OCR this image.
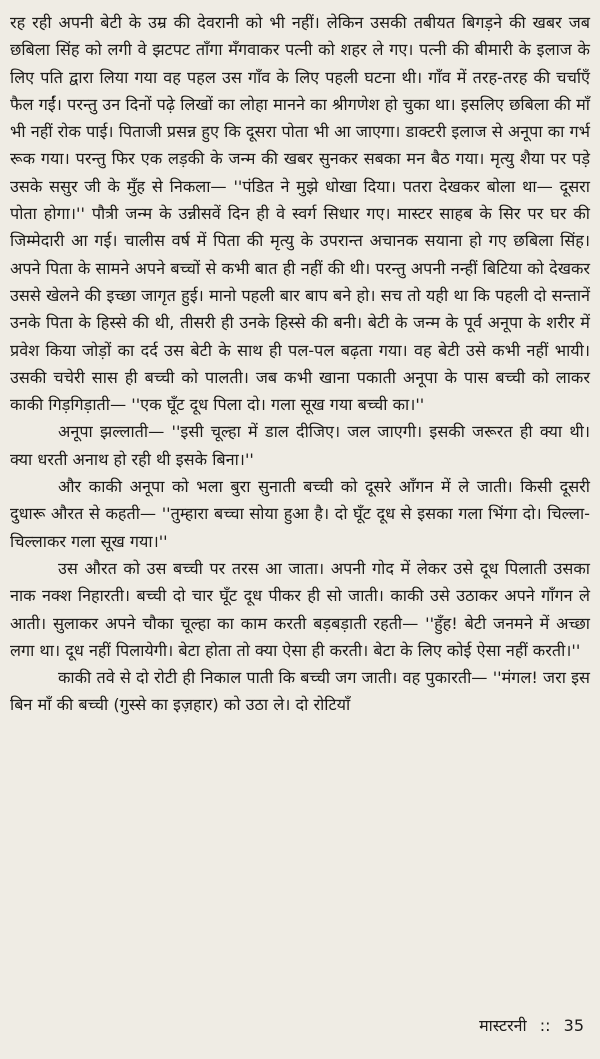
रह रही अपनी बेटी के उम्र की देवरानी को भी नहीं। लेकिन उसकी तबीयत बिगड़ने की खबर जब छबिला सिंह को लगी वे झटपट ताँगा मँगवाकर पत्नी को शहर ले गए। पत्नी की बीमारी के इलाज के लिए पति द्वारा लिया गया वह पहल उस गाँव के लिए पहली घटना थी। गाँव में तरह-तरह की चर्चाएँ फैल गईं। परन्तु उन दिनों पढ़े लिखों का लोहा मानने का श्रीगणेश हो चुका था। इसलिए छबिला की माँ भी नहीं रोक पाई। पिताजी प्रसन्न हुए कि दूसरा पोता भी आ जाएगा। डाक्टरी इलाज से अनूपा का गर्भ रूक गया। परन्तु फिर एक लड़की के जन्म की खबर सुनकर सबका मन बैठ गया। मृत्यु शैया पर पड़े उसके ससुर जी के मुँह से निकला— ''पंडित ने मुझे धोखा दिया। पतरा देखकर बोला था— दूसरा पोता होगा।'' पौत्री जन्म के उन्नीसवें दिन ही वे स्वर्ग सिधार गए। मास्टर साहब के सिर पर घर की जिम्मेदारी आ गई। चालीस वर्ष में पिता की मृत्यु के उपरान्त अचानक सयाना हो गए छबिला सिंह। अपने पिता के सामने अपने बच्चों से कभी बात ही नहीं की थी। परन्तु अपनी नन्हीं बिटिया को देखकर उससे खेलने की इच्छा जागृत हुई। मानो पहली बार बाप बने हो। सच तो यही था कि पहली दो सन्तानें उनके पिता के हिस्से की थी, तीसरी ही उनके हिस्से की बनी। बेटी के जन्म के पूर्व अनूपा के शरीर में प्रवेश किया जोड़ों का दर्द उस बेटी के साथ ही पल-पल बढ़ता गया। वह बेटी उसे कभी नहीं भायी। उसकी चचेरी सास ही बच्ची को पालती। जब कभी खाना पकाती अनूपा के पास बच्ची को लाकर काकी गिड़गिड़ाती— ''एक घूँट दूध पिला दो। गला सूख गया बच्ची का।''

अनूपा झल्लाती— ''इसी चूल्हा में डाल दीजिए। जल जाएगी। इसकी जरूरत ही क्या थी। क्या धरती अनाथ हो रही थी इसके बिना।''

और काकी अनूपा को भला बुरा सुनाती बच्ची को दूसरे आँगन में ले जाती। किसी दूसरी दुधारू औरत से कहती— ''तुम्हारा बच्चा सोया हुआ है। दो घूँट दूध से इसका गला भिंगा दो। चिल्ला-चिल्लाकर गला सूख गया।''

उस औरत को उस बच्ची पर तरस आ जाता। अपनी गोद में लेकर उसे दूध पिलाती उसका नाक नक्श निहारती। बच्ची दो चार घूँट दूध पीकर ही सो जाती। काकी उसे उठाकर अपने गाँगन ले आती। सुलाकर अपने चौका चूल्हा का काम करती बड़बड़ाती रहती— ''हुँह! बेटी जनमने में अच्छा लगा था। दूध नहीं पिलायेगी। बेटा होता तो क्या ऐसा ही करती। बेटा के लिए कोई ऐसा नहीं करती।''

काकी तवे से दो रोटी ही निकाल पाती कि बच्ची जग जाती। वह पुकारती— ''मंगल! जरा इस बिन माँ की बच्ची (गुस्से का इज़हार) को उठा ले। दो रोटियाँ

मास्टरनी :: 35
